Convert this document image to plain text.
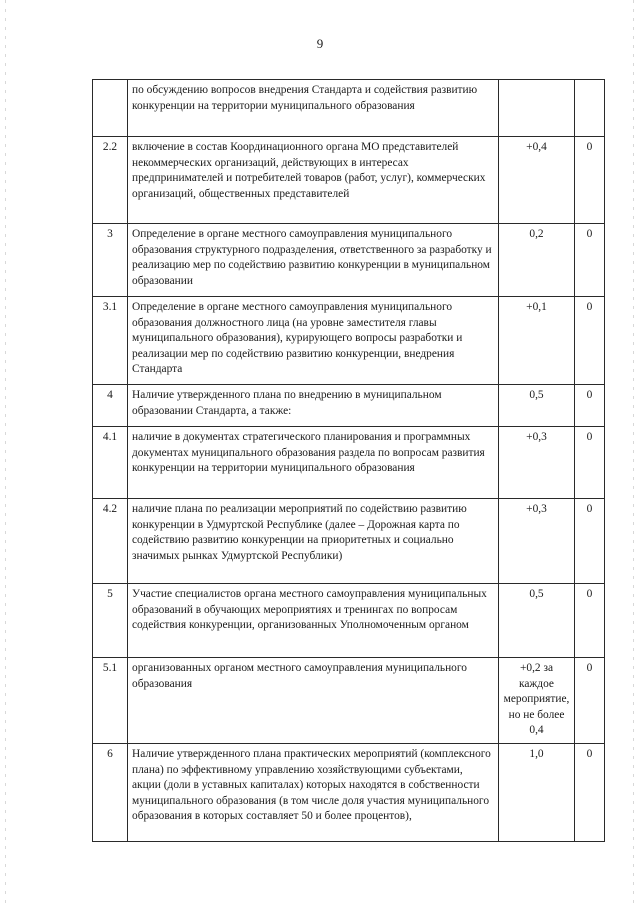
9
	по обсуждению вопросов внедрения Стандарта и содействия развитию конкуренции на территории муниципального образования		
2.2	включение в состав Координационного органа МО представителей некоммерческих организаций, действующих в интересах предпринимателей и потребителей товаров (работ, услуг), коммерческих организаций, общественных представителей	+0,4	0
3	Определение в органе местного самоуправления муниципального образования структурного подразделения, ответственного за разработку и реализацию мер по содействию развитию конкуренции в муниципальном образовании	0,2	0
3.1	Определение в органе местного самоуправления муниципального образования должностного лица (на уровне заместителя главы муниципального образования), курирующего вопросы разработки и реализации мер по содействию развитию конкуренции, внедрения Стандарта	+0,1	0
4	Наличие утвержденного плана по внедрению в муниципальном образовании Стандарта, а также:	0,5	0
4.1	наличие в документах стратегического планирования и программных документах муниципального образования раздела по вопросам развития конкуренции на территории муниципального образования	+0,3	0
4.2	наличие плана по реализации мероприятий по содействию развитию конкуренции в Удмуртской Республике (далее – Дорожная карта по содействию развитию конкуренции на приоритетных и социально значимых рынках Удмуртской Республики)	+0,3	0
5	Участие специалистов органа местного самоуправления муниципальных образований в обучающих мероприятиях и тренингах по вопросам содействия конкуренции, организованных Уполномоченным органом	0,5	0
5.1	организованных органом местного самоуправления муниципального образования	+0,2 за каждое мероприятие, но не более 0,4	0
6	Наличие утвержденного плана практических мероприятий (комплексного плана) по эффективному управлению хозяйствующими субъектами, акции (доли в уставных капиталах) которых находятся в собственности муниципального образования (в том числе доля участия муниципального образования в которых составляет 50 и более процентов),	1,0	0
